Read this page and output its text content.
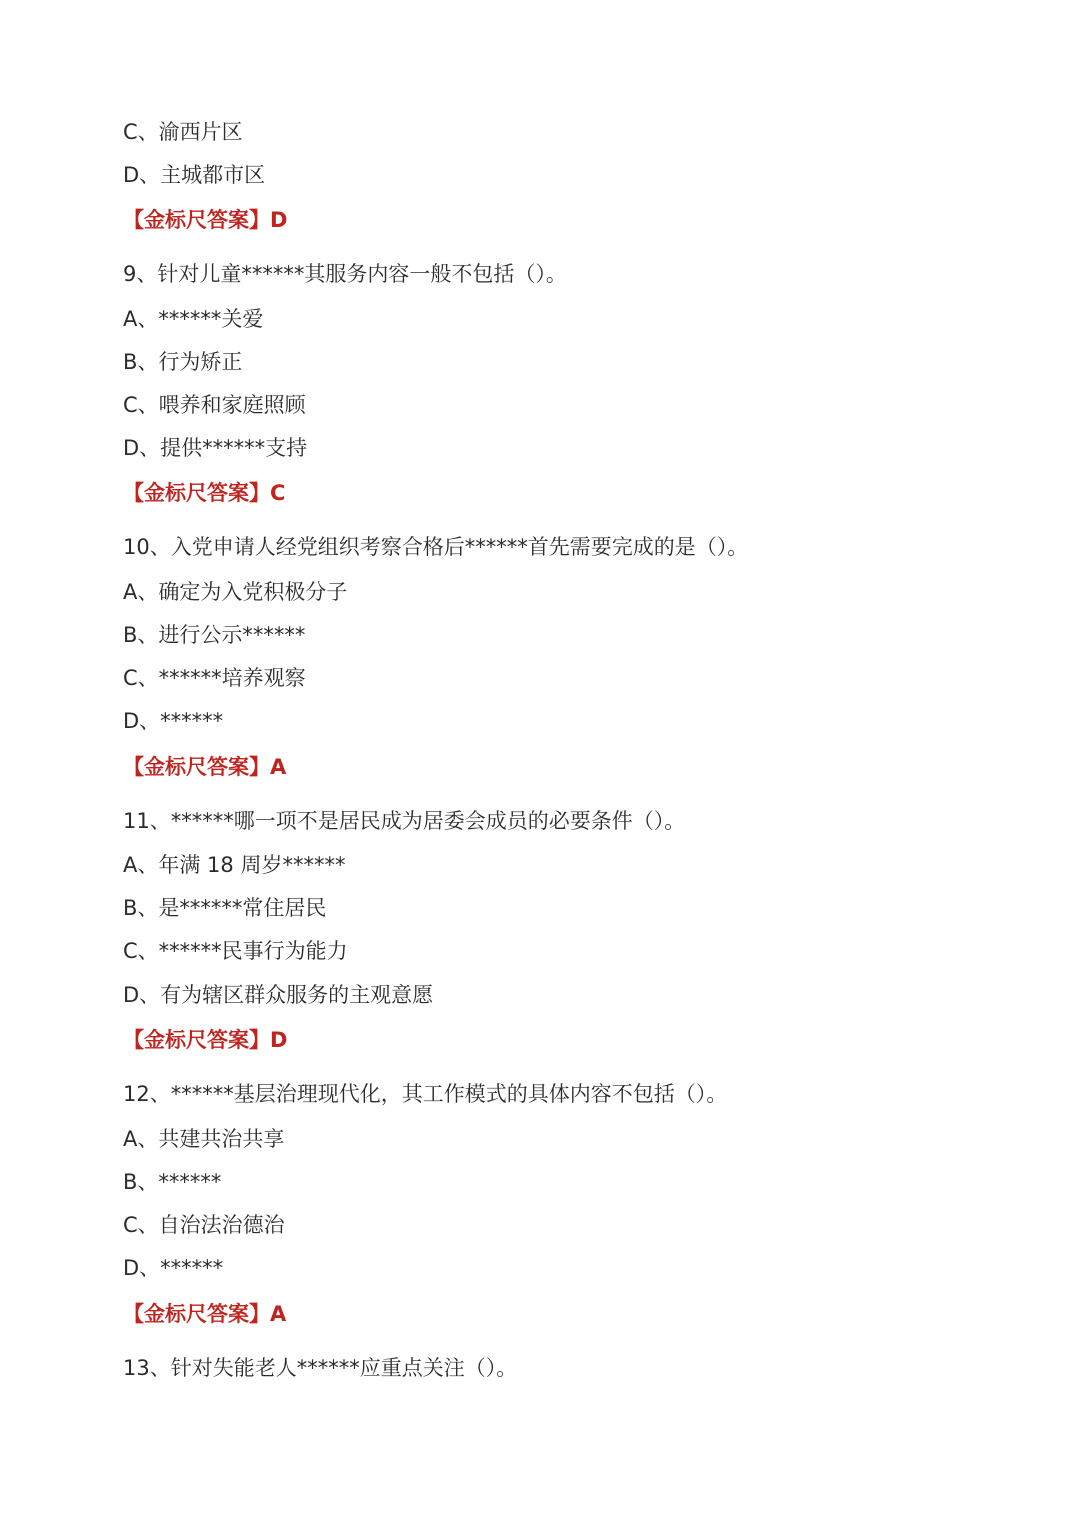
C、渝西片区
D、主城都市区
【金标尺答案】D
9、针对儿童******其服务内容一般不包括（）。
A、******关爱
B、行为矫正
C、喂养和家庭照顾
D、提供******支持
【金标尺答案】C
10、入党申请人经党组织考察合格后******首先需要完成的是（）。
A、确定为入党积极分子
B、进行公示******
C、******培养观察
D、******
【金标尺答案】A
11、******哪一项不是居民成为居委会成员的必要条件（）。
A、年满 18 周岁******
B、是******常住居民
C、******民事行为能力
D、有为辖区群众服务的主观意愿
【金标尺答案】D
12、******基层治理现代化，其工作模式的具体内容不包括（）。
A、共建共治共享
B、******
C、自治法治德治
D、******
【金标尺答案】A
13、针对失能老人******应重点关注（）。
